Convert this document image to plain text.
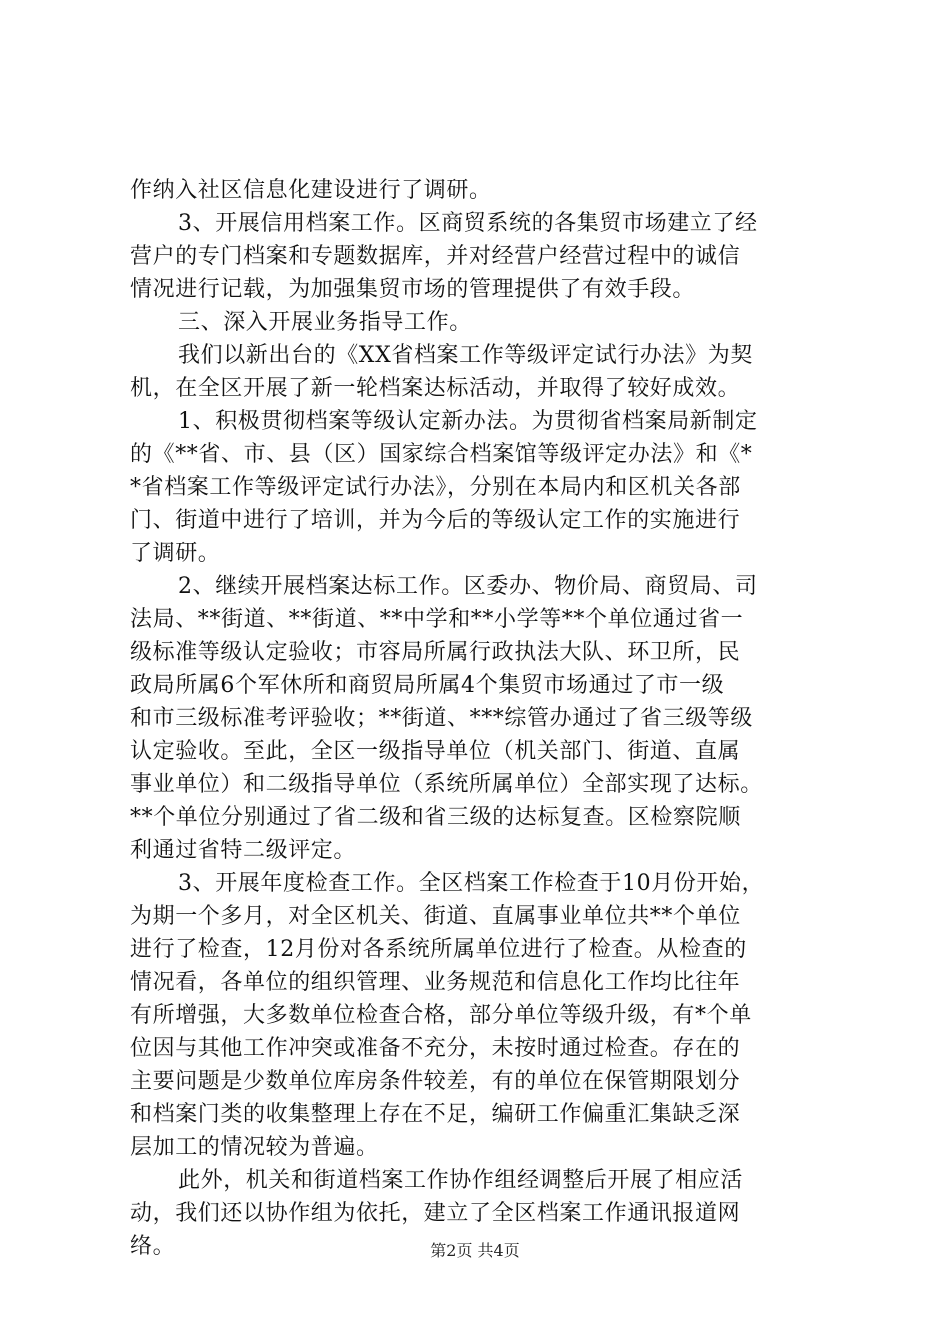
作纳入社区信息化建设进行了调研。
3、开展信用档案工作。区商贸系统的各集贸市场建立了经
营户的专门档案和专题数据库，并对经营户经营过程中的诚信
情况进行记载，为加强集贸市场的管理提供了有效手段。
三、深入开展业务指导工作。
我们以新出台的《XX省档案工作等级评定试行办法》为契
机，在全区开展了新一轮档案达标活动，并取得了较好成效。
1、积极贯彻档案等级认定新办法。为贯彻省档案局新制定
的《**省、市、县（区）国家综合档案馆等级评定办法》和《*
*省档案工作等级评定试行办法》，分别在本局内和区机关各部
门、街道中进行了培训，并为今后的等级认定工作的实施进行
了调研。
2、继续开展档案达标工作。区委办、物价局、商贸局、司
法局、**街道、**街道、**中学和**小学等**个单位通过省一
级标准等级认定验收；市容局所属行政执法大队、环卫所，民
政局所属6个军休所和商贸局所属4个集贸市场通过了市一级
和市三级标准考评验收；**街道、***综管办通过了省三级等级
认定验收。至此，全区一级指导单位（机关部门、街道、直属
事业单位）和二级指导单位（系统所属单位）全部实现了达标。
**个单位分别通过了省二级和省三级的达标复查。区检察院顺
利通过省特二级评定。
3、开展年度检查工作。全区档案工作检查于10月份开始，
为期一个多月，对全区机关、街道、直属事业单位共**个单位
进行了检查，12月份对各系统所属单位进行了检查。从检查的
情况看，各单位的组织管理、业务规范和信息化工作均比往年
有所增强，大多数单位检查合格，部分单位等级升级，有*个单
位因与其他工作冲突或准备不充分，未按时通过检查。存在的
主要问题是少数单位库房条件较差，有的单位在保管期限划分
和档案门类的收集整理上存在不足，编研工作偏重汇集缺乏深
层加工的情况较为普遍。
此外，机关和街道档案工作协作组经调整后开展了相应活
动，我们还以协作组为依托，建立了全区档案工作通讯报道网
络。	第2页 共4页
